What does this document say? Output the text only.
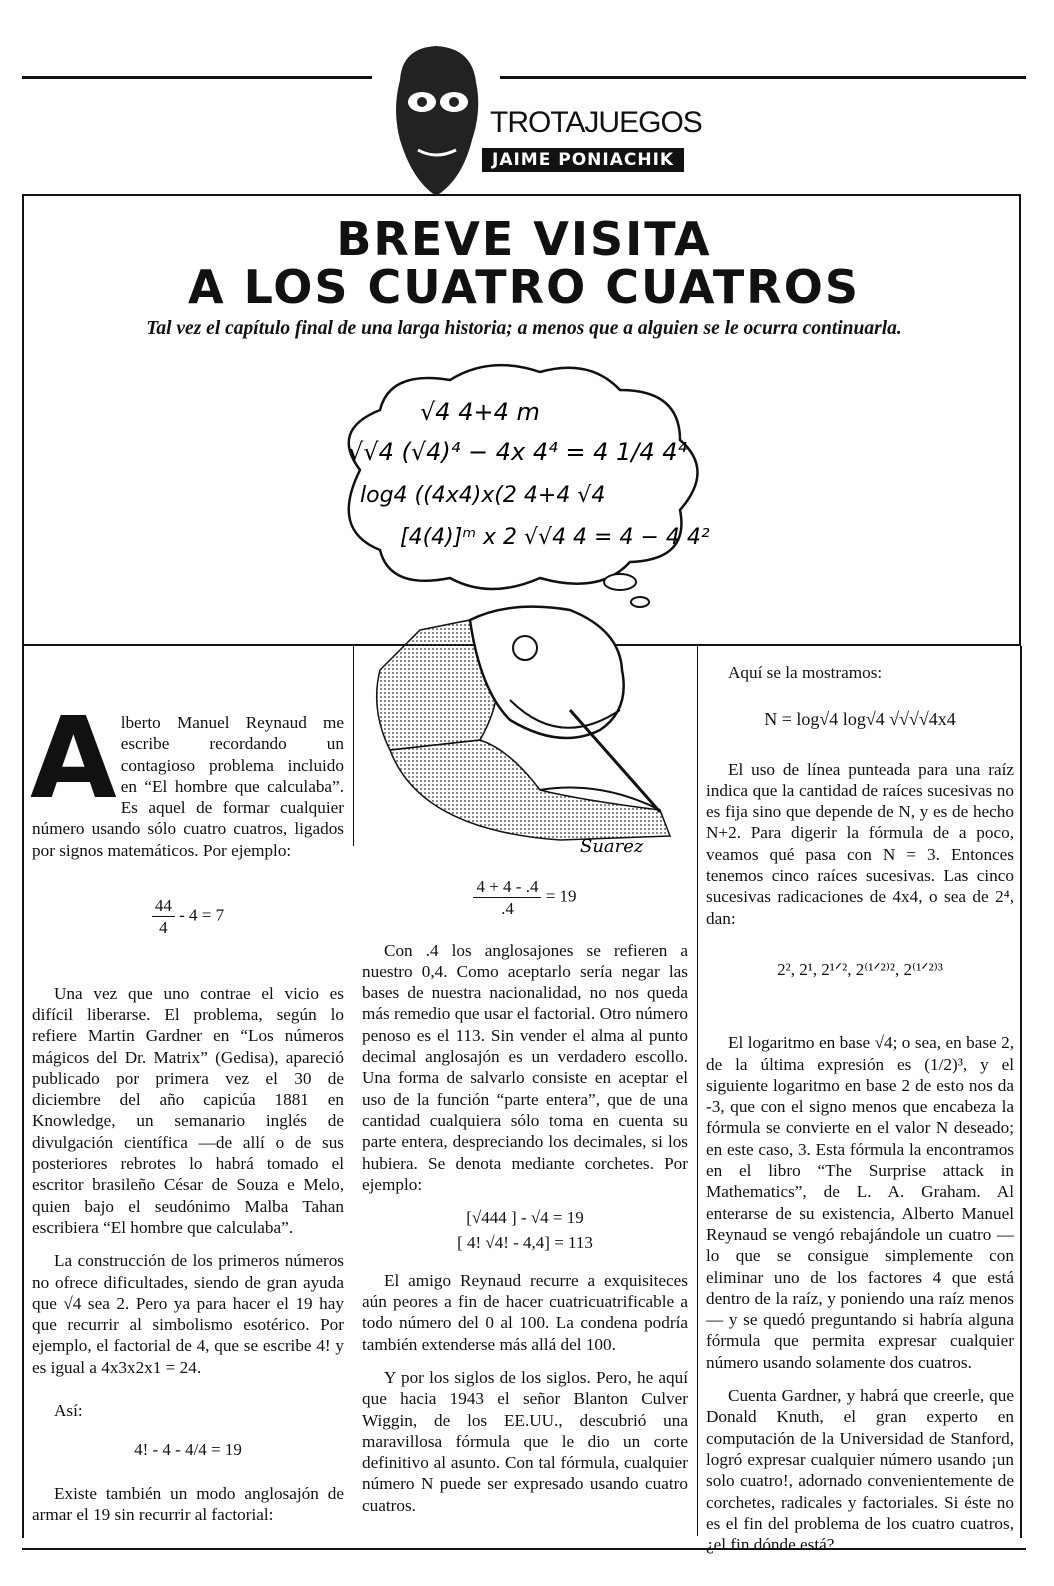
TROTAJUEGOS
JAIME PONIACHIK
BREVE VISITA
A LOS CUATRO CUATROS
Tal vez el capítulo final de una larga historia; a menos que a alguien se le ocurra continuarla.
√4 4+4 m
√√4 (√4)⁴ − 4x 4⁴ = 4 1/4 4⁴
log4 ((4x4)x(2 4+4 √4
[4(4)]ᵐ x 2 √√4 4 = 4 − 4 4²
Suarez

A lberto Manuel Reynaud me escribe recordando un contagioso problema incluido en “El hombre que calculaba”. Es aquel de formar cualquier número usando sólo cuatro cuatros, ligados por signos matemáticos. Por ejemplo:

$\frac{44}{4} - 4 = 7$

Una vez que uno contrae el vicio es difícil liberarse. El problema, según lo refiere Martin Gardner en “Los números mágicos del Dr. Matrix” (Gedisa), apareció publicado por primera vez el 30 de diciembre del año capicúa 1881 en Knowledge, un semanario inglés de divulgación científica —de allí o de sus posteriores rebrotes lo habrá tomado el escritor brasileño César de Souza e Melo, quien bajo el seudónimo Malba Tahan escribiera “El hombre que calculaba”.

La construcción de los primeros números no ofrece dificultades, siendo de gran ayuda que √4 sea 2. Pero ya para hacer el 19 hay que recurrir al simbolismo esotérico. Por ejemplo, el factorial de 4, que se escribe 4! y es igual a 4x3x2x1 = 24.

Así:

4! - 4 - 4/4 = 19

Existe también un modo anglosajón de armar el 19 sin recurrir al factorial:

$\frac{4 + 4 - .4}{.4} = 19$

Con .4 los anglosajones se refieren a nuestro 0,4. Como aceptarlo sería negar las bases de nuestra nacionalidad, no nos queda más remedio que usar el factorial. Otro número penoso es el 113. Sin vender el alma al punto decimal anglosajón es un verdadero escollo. Una forma de salvarlo consiste en aceptar el uso de la función “parte entera”, que de una cantidad cualquiera sólo toma en cuenta su parte entera, despreciando los decimales, si los hubiera. Se denota mediante corchetes. Por ejemplo:

[√444 ] - √4 = 19
[ 4! √4! - 4,4] = 113

El amigo Reynaud recurre a exquisiteces aún peores a fin de hacer cuatricuatrificable a todo número del 0 al 100. La condena podría también extenderse más allá del 100.

Y por los siglos de los siglos. Pero, he aquí que hacia 1943 el señor Blanton Culver Wiggin, de los EE.UU., descubrió una maravillosa fórmula que le dio un corte definitivo al asunto. Con tal fórmula, cualquier número N puede ser expresado usando cuatro cuatros.

Aquí se la mostramos:

N = log√4 log√4 √√√√4x4

El uso de línea punteada para una raíz indica que la cantidad de raíces sucesivas no es fija sino que depende de N, y es de hecho N+2. Para digerir la fórmula de a poco, veamos qué pasa con N = 3. Entonces tenemos cinco raíces sucesivas. Las cinco sucesivas radicaciones de 4x4, o sea de 2⁴, dan:

2², 2¹, 2¹ᐟ², 2⁽¹ᐟ²⁾², 2⁽¹ᐟ²⁾³

El logaritmo en base √4; o sea, en base 2, de la última expresión es (1/2)³, y el siguiente logaritmo en base 2 de esto nos da -3, que con el signo menos que encabeza la fórmula se convierte en el valor N deseado; en este caso, 3. Esta fórmula la encontramos en el libro “The Surprise attack in Mathematics”, de L. A. Graham. Al enterarse de su existencia, Alberto Manuel Reynaud se vengó rebajándole un cuatro —lo que se consigue simplemente con eliminar uno de los factores 4 que está dentro de la raíz, y poniendo una raíz menos— y se quedó preguntando si habría alguna fórmula que permita expresar cualquier número usando solamente dos cuatros.

Cuenta Gardner, y habrá que creerle, que Donald Knuth, el gran experto en computación de la Universidad de Stanford, logró expresar cualquier número usando ¡un solo cuatro!, adornado convenientemente de corchetes, radicales y factoriales. Si éste no es el fin del problema de los cuatro cuatros, ¿el fin dónde está?
